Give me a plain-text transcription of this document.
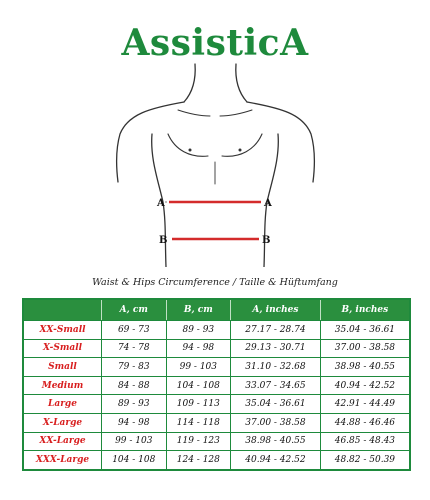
AssisticA
A	A
B	B
Waist & Hips Circumference / Taille & Hüftumfang
	A, cm	B, cm	A, inches	B, inches
XX-Small	69 - 73	89 - 93	27.17 - 28.74	35.04 - 36.61
X-Small	74 - 78	94 - 98	29.13 - 30.71	37.00 - 38.58
Small	79 - 83	99 - 103	31.10 - 32.68	38.98 - 40.55
Medium	84 - 88	104 - 108	33.07 - 34.65	40.94 - 42.52
Large	89 - 93	109 - 113	35.04 - 36.61	42.91 - 44.49
X-Large	94 - 98	114 - 118	37.00 - 38.58	44.88 - 46.46
XX-Large	99 - 103	119 - 123	38.98 - 40.55	46.85 - 48.43
XXX-Large	104 - 108	124 - 128	40.94 - 42.52	48.82 - 50.39
